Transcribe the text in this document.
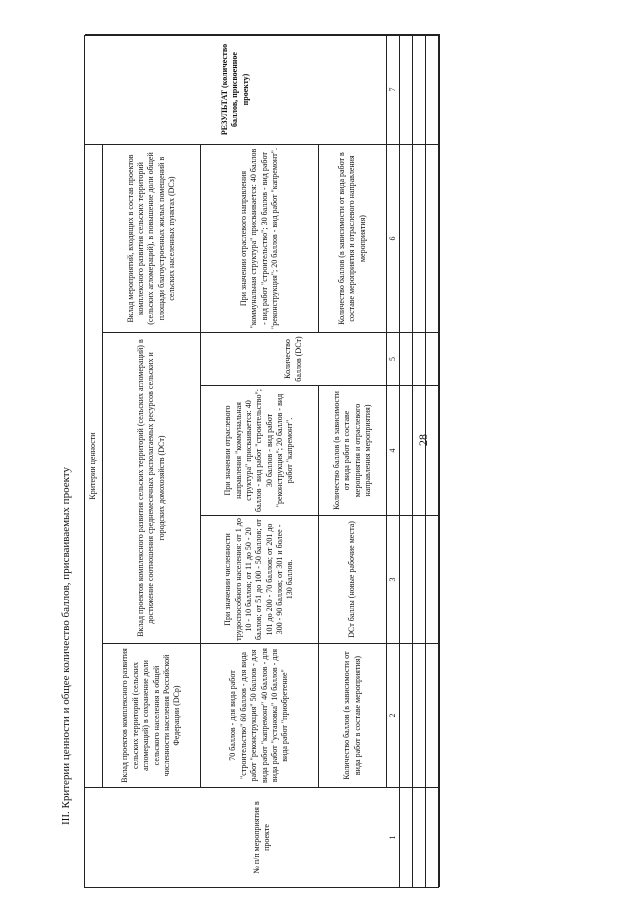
28
III. Критерии ценности и общее количество баллов, присваиваемых проекту
№ п/п мероприятия в проекте
Критерии ценности
Вклад проектов комплексного развития сельских территорий (сельских агломераций) в сохранение доли сельского населения в общей численности населения Российской Федерации (DCр)
Вклад проектов комплексного развития сельских территорий (сельских агломераций) в достижение соотношения среднемесячных располагаемых ресурсов сельских и городских домохозяйств (DCт)
Вклад мероприятий, входящих в состав проектов комплексного развития сельских территорий (сельских агломераций), в повышение доли общей площади благоустроенных жилых помещений в сельских населенных пунктах (DCз)
РЕЗУЛЬТАТ (количество баллов, присвоенное проекту)
70 баллов - для вида работ "строительство" 60 баллов - для вида работ "реконструкция" 50 баллов - для вида работ "капремонт" 40 баллов - для вида работ "установка" 10 баллов - для вида работ "приобретение"
При значении численности трудоспособного населения: от 1 до 10 - 10 баллов; от 11 до 50 - 20 баллов; от 51 до 100 - 50 баллов; от 101 до 200 - 70 баллов; от 201 до 300 - 90 баллов; от 301 и более - 130 баллов.
При значении отраслевого направления "коммунальная структура" присваивается: 40 баллов - вид работ "строительство"; 30 баллов - вид работ "реконструкция"; 20 баллов - вид работ "капремонт".
Количество баллов (DCт)
При значении отраслевого направления "коммунальная структура" присваивается: 40 баллов - вид работ "строительство"; 30 баллов - вид работ "реконструкция"; 20 баллов - вид работ "капремонт".
Количество баллов (в зависимости от вида работ в составе мероприятия)
DCт баллы (новые рабочие места)
Количество баллов (в зависимости от вида работ в составе мероприятия и отраслевого направления мероприятия)
Количество баллов (в зависимости от вида работ в составе мероприятия и отраслевого направления мероприятия)
1
2
3
4
5
6
7
